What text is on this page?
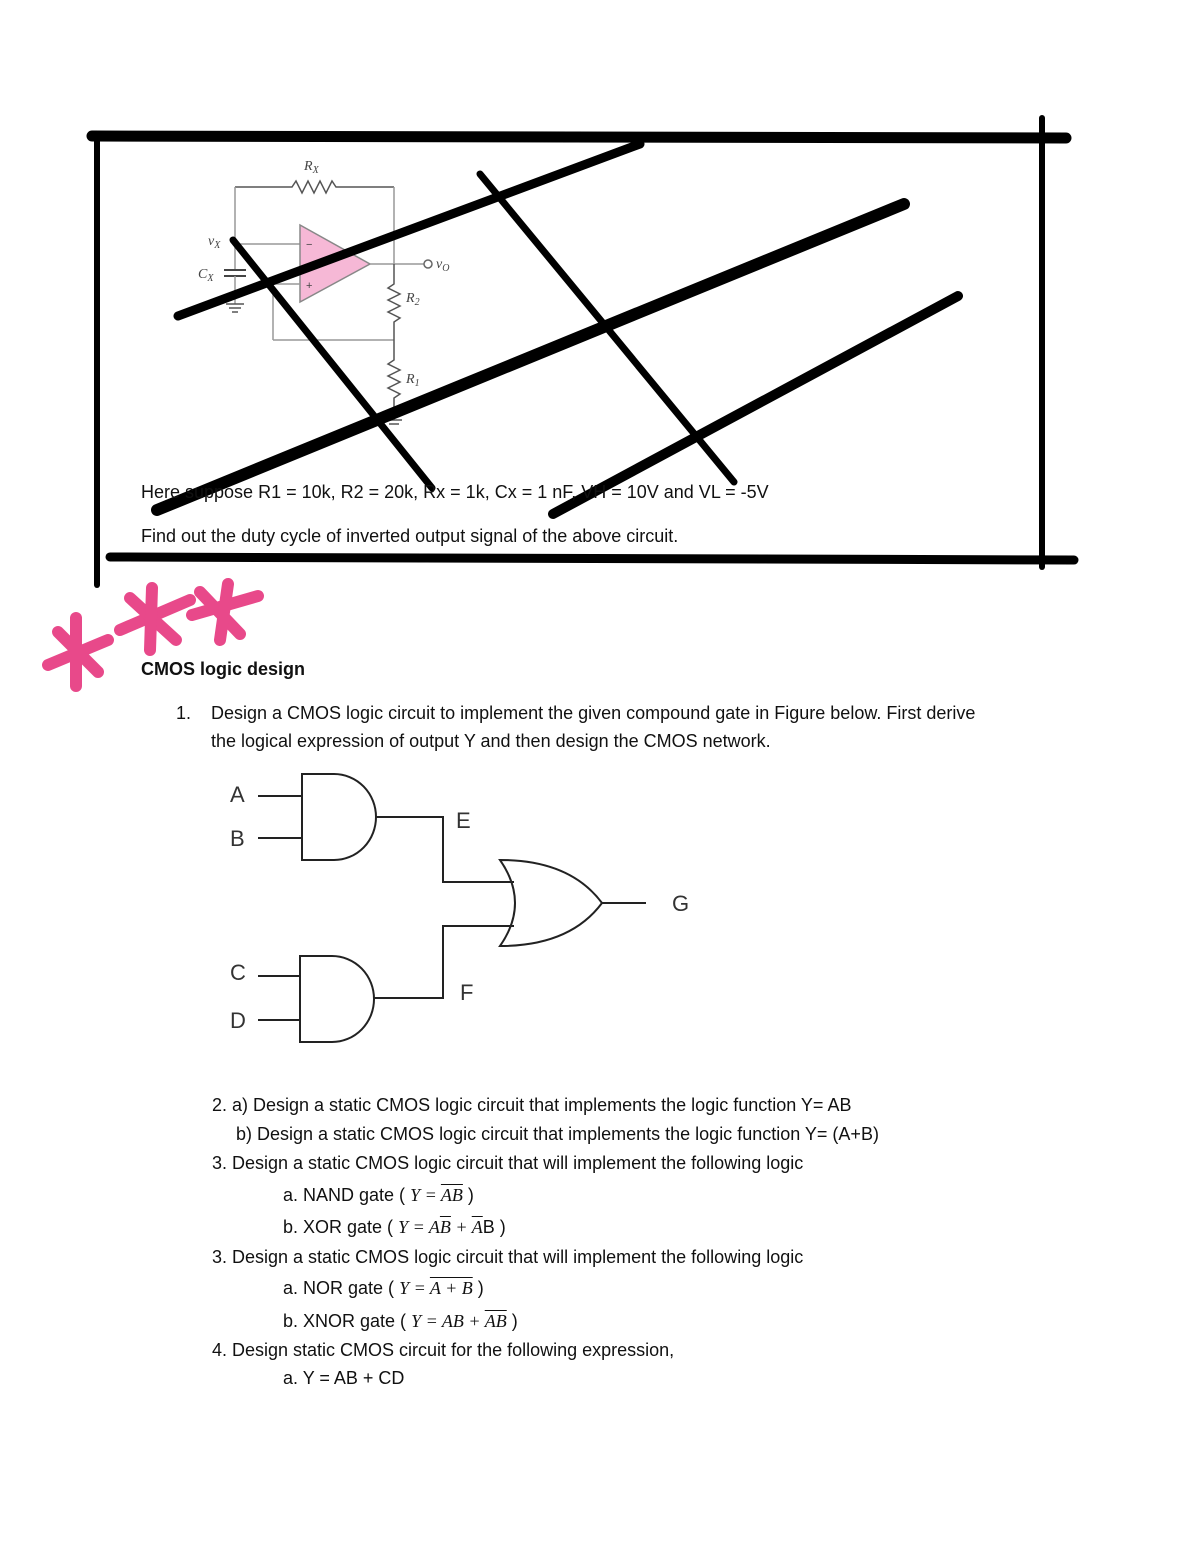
$R_X$
$v_X$
$C_X$
$v_O$
$R_2$
$R_1$
−
+
A
B
C
D
E
F
G
Here suppose R1 = 10k, R2 = 20k, Rx = 1k, Cx = 1 nF, VH = 10V and VL = -5V
Find out the duty cycle of inverted output signal of the above circuit.
CMOS logic design
1. Design a CMOS logic circuit to implement the given compound gate in Figure below. First derive
the logical expression of output Y and then design the CMOS network.
2. a) Design a static CMOS logic circuit that implements the logic function Y= AB
b) Design a static CMOS logic circuit that implements the logic function Y= (A+B)
3. Design a static CMOS logic circuit that will implement the following logic
a. NAND gate ( $Y = \overline{AB}$ )
b. XOR gate ( $Y = A\overline{B} + \overline{A}B$ )
3. Design a static CMOS logic circuit that will implement the following logic
a. NOR gate ( Y = A + B )
b. XNOR gate ( Y = AB + $\overline{AB}$ )
4. Design static CMOS circuit for the following expression,
a. Y = AB + CD
